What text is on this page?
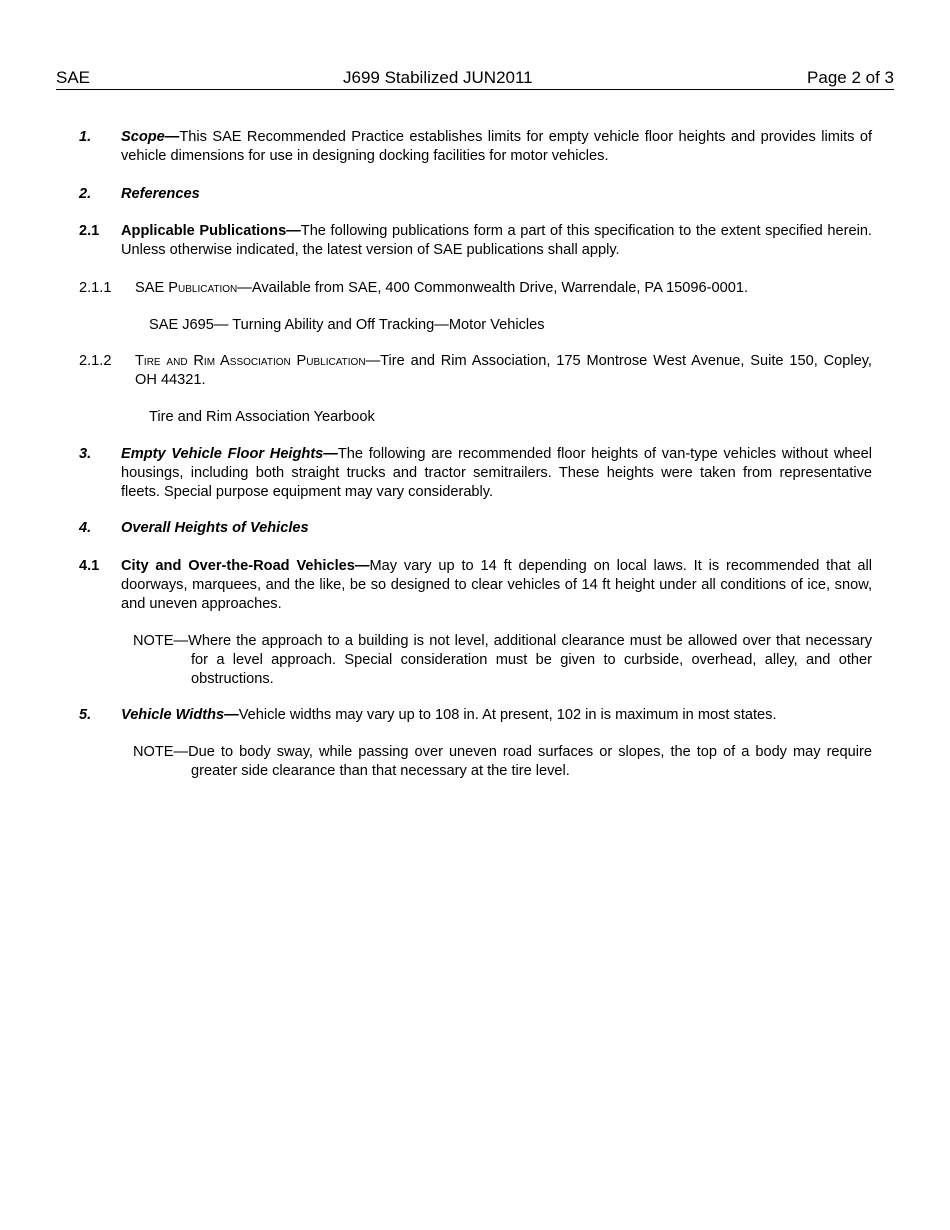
SAE	J699 Stabilized JUN2011	Page 2 of 3
1. Scope—This SAE Recommended Practice establishes limits for empty vehicle floor heights and provides limits of vehicle dimensions for use in designing docking facilities for motor vehicles.
2. References
2.1 Applicable Publications—The following publications form a part of this specification to the extent specified herein. Unless otherwise indicated, the latest version of SAE publications shall apply.
2.1.1 SAE Publication—Available from SAE, 400 Commonwealth Drive, Warrendale, PA 15096-0001.
SAE J695— Turning Ability and Off Tracking—Motor Vehicles
2.1.2 Tire and Rim Association Publication—Tire and Rim Association, 175 Montrose West Avenue, Suite 150, Copley, OH 44321.
Tire and Rim Association Yearbook
3. Empty Vehicle Floor Heights—The following are recommended floor heights of van-type vehicles without wheel housings, including both straight trucks and tractor semitrailers. These heights were taken from representative fleets. Special purpose equipment may vary considerably.
4. Overall Heights of Vehicles
4.1 City and Over-the-Road Vehicles—May vary up to 14 ft depending on local laws. It is recommended that all doorways, marquees, and the like, be so designed to clear vehicles of 14 ft height under all conditions of ice, snow, and uneven approaches.
NOTE—Where the approach to a building is not level, additional clearance must be allowed over that necessary for a level approach. Special consideration must be given to curbside, overhead, alley, and other obstructions.
5. Vehicle Widths—Vehicle widths may vary up to 108 in. At present, 102 in is maximum in most states.
NOTE—Due to body sway, while passing over uneven road surfaces or slopes, the top of a body may require greater side clearance than that necessary at the tire level.
